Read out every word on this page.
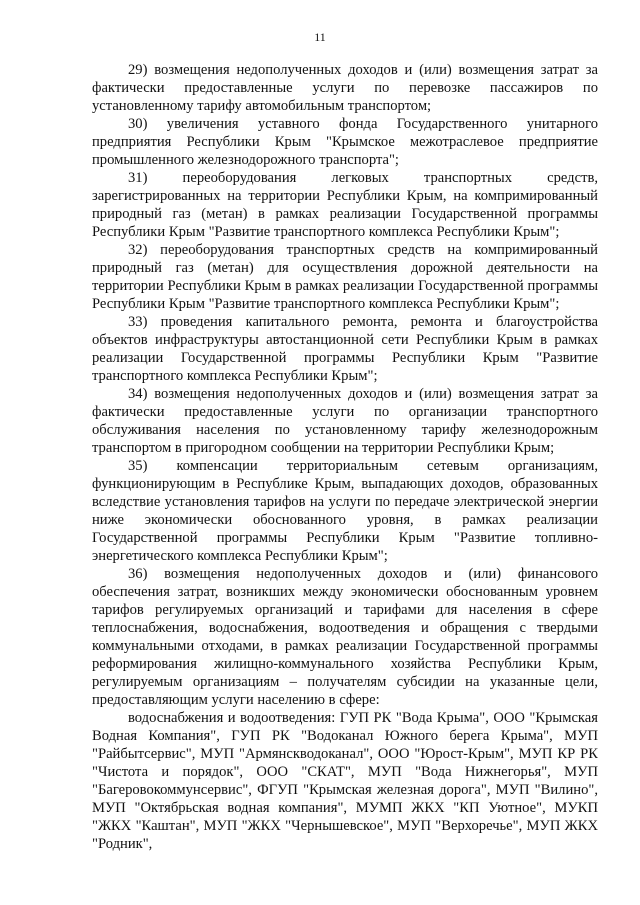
11

29) возмещения недополученных доходов и (или) возмещения затрат за фактически предоставленные услуги по перевозке пассажиров по установленному тарифу автомобильным транспортом;

30) увеличения уставного фонда Государственного унитарного предприятия Республики Крым "Крымское межотраслевое предприятие промышленного железнодорожного транспорта";

31) переоборудования легковых транспортных средств, зарегистрированных на территории Республики Крым, на компримированный природный газ (метан) в рамках реализации Государственной программы Республики Крым "Развитие транспортного комплекса Республики Крым";

32) переоборудования транспортных средств на компримированный природный газ (метан) для осуществления дорожной деятельности на территории Республики Крым в рамках реализации Государственной программы Республики Крым "Развитие транспортного комплекса Республики Крым";

33) проведения капитального ремонта, ремонта и благоустройства объектов инфраструктуры автостанционной сети Республики Крым в рамках реализации Государственной программы Республики Крым "Развитие транспортного комплекса Республики Крым";

34) возмещения недополученных доходов и (или) возмещения затрат за фактически предоставленные услуги по организации транспортного обслуживания населения по установленному тарифу железнодорожным транспортом в пригородном сообщении на территории Республики Крым;

35) компенсации территориальным сетевым организациям, функционирующим в Республике Крым, выпадающих доходов, образованных вследствие установления тарифов на услуги по передаче электрической энергии ниже экономически обоснованного уровня, в рамках реализации Государственной программы Республики Крым "Развитие топливно-энергетического комплекса Республики Крым";

36) возмещения недополученных доходов и (или) финансового обеспечения затрат, возникших между экономически обоснованным уровнем тарифов регулируемых организаций и тарифами для населения в сфере теплоснабжения, водоснабжения, водоотведения и обращения с твердыми коммунальными отходами, в рамках реализации Государственной программы реформирования жилищно-коммунального хозяйства Республики Крым, регулируемым организациям – получателям субсидии на указанные цели, предоставляющим услуги населению в сфере:

водоснабжения и водоотведения: ГУП РК "Вода Крыма", ООО "Крымская Водная Компания", ГУП РК "Водоканал Южного берега Крыма", МУП "Райбытсервис", МУП "Армянскводоканал", ООО "Юрост-Крым", МУП КР РК "Чистота и порядок", ООО "СКАТ", МУП "Вода Нижнегорья", МУП "Багеровокоммунсервис", ФГУП "Крымская железная дорога", МУП "Вилино", МУП "Октябрьская водная компания", МУМП ЖКХ "КП Уютное", МУКП "ЖКХ "Каштан", МУП "ЖКХ "Чернышевское", МУП "Верхоречье", МУП ЖКХ "Родник",
